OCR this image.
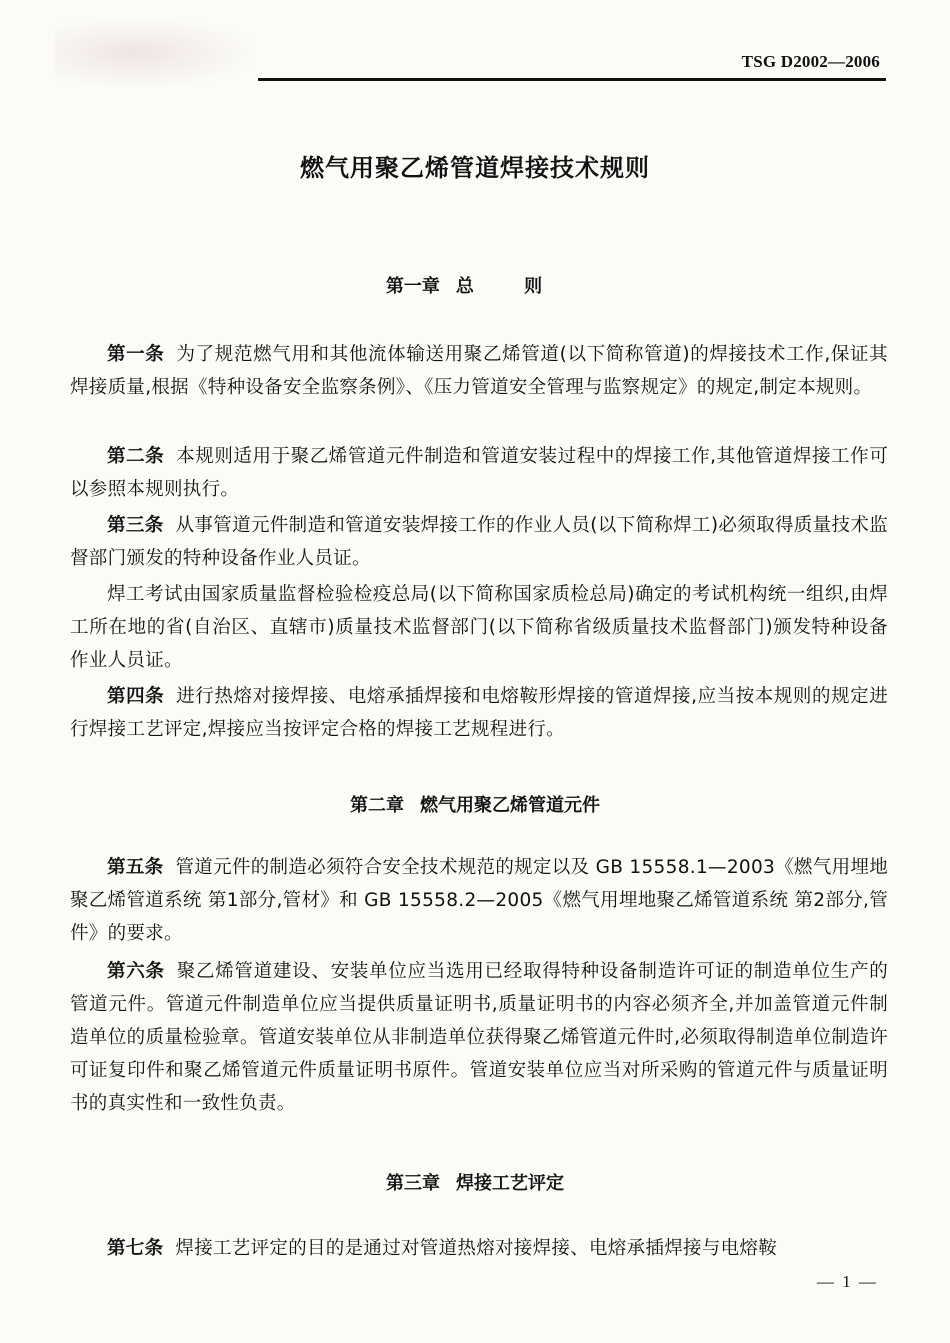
TSG D2002—2006
燃气用聚乙烯管道焊接技术规则
第一章 总 则
第一条 为了规范燃气用和其他流体输送用聚乙烯管道(以下简称管道)的焊接技术工作,保证其焊接质量,根据《特种设备安全监察条例》、《压力管道安全管理与监察规定》的规定,制定本规则。
第二条 本规则适用于聚乙烯管道元件制造和管道安装过程中的焊接工作,其他管道焊接工作可以参照本规则执行。
第三条 从事管道元件制造和管道安装焊接工作的作业人员(以下简称焊工)必须取得质量技术监督部门颁发的特种设备作业人员证。
焊工考试由国家质量监督检验检疫总局(以下简称国家质检总局)确定的考试机构统一组织,由焊工所在地的省(自治区、直辖市)质量技术监督部门(以下简称省级质量技术监督部门)颁发特种设备作业人员证。
第四条 进行热熔对接焊接、电熔承插焊接和电熔鞍形焊接的管道焊接,应当按本规则的规定进行焊接工艺评定,焊接应当按评定合格的焊接工艺规程进行。
第二章 燃气用聚乙烯管道元件
第五条 管道元件的制造必须符合安全技术规范的规定以及 GB 15558.1—2003《燃气用埋地聚乙烯管道系统 第1部分,管材》和 GB 15558.2—2005《燃气用埋地聚乙烯管道系统 第2部分,管件》的要求。
第六条 聚乙烯管道建设、安装单位应当选用已经取得特种设备制造许可证的制造单位生产的管道元件。管道元件制造单位应当提供质量证明书,质量证明书的内容必须齐全,并加盖管道元件制造单位的质量检验章。管道安装单位从非制造单位获得聚乙烯管道元件时,必须取得制造单位制造许可证复印件和聚乙烯管道元件质量证明书原件。管道安装单位应当对所采购的管道元件与质量证明书的真实性和一致性负责。
第三章 焊接工艺评定
第七条 焊接工艺评定的目的是通过对管道热熔对接焊接、电熔承插焊接与电熔鞍
— 1 —
